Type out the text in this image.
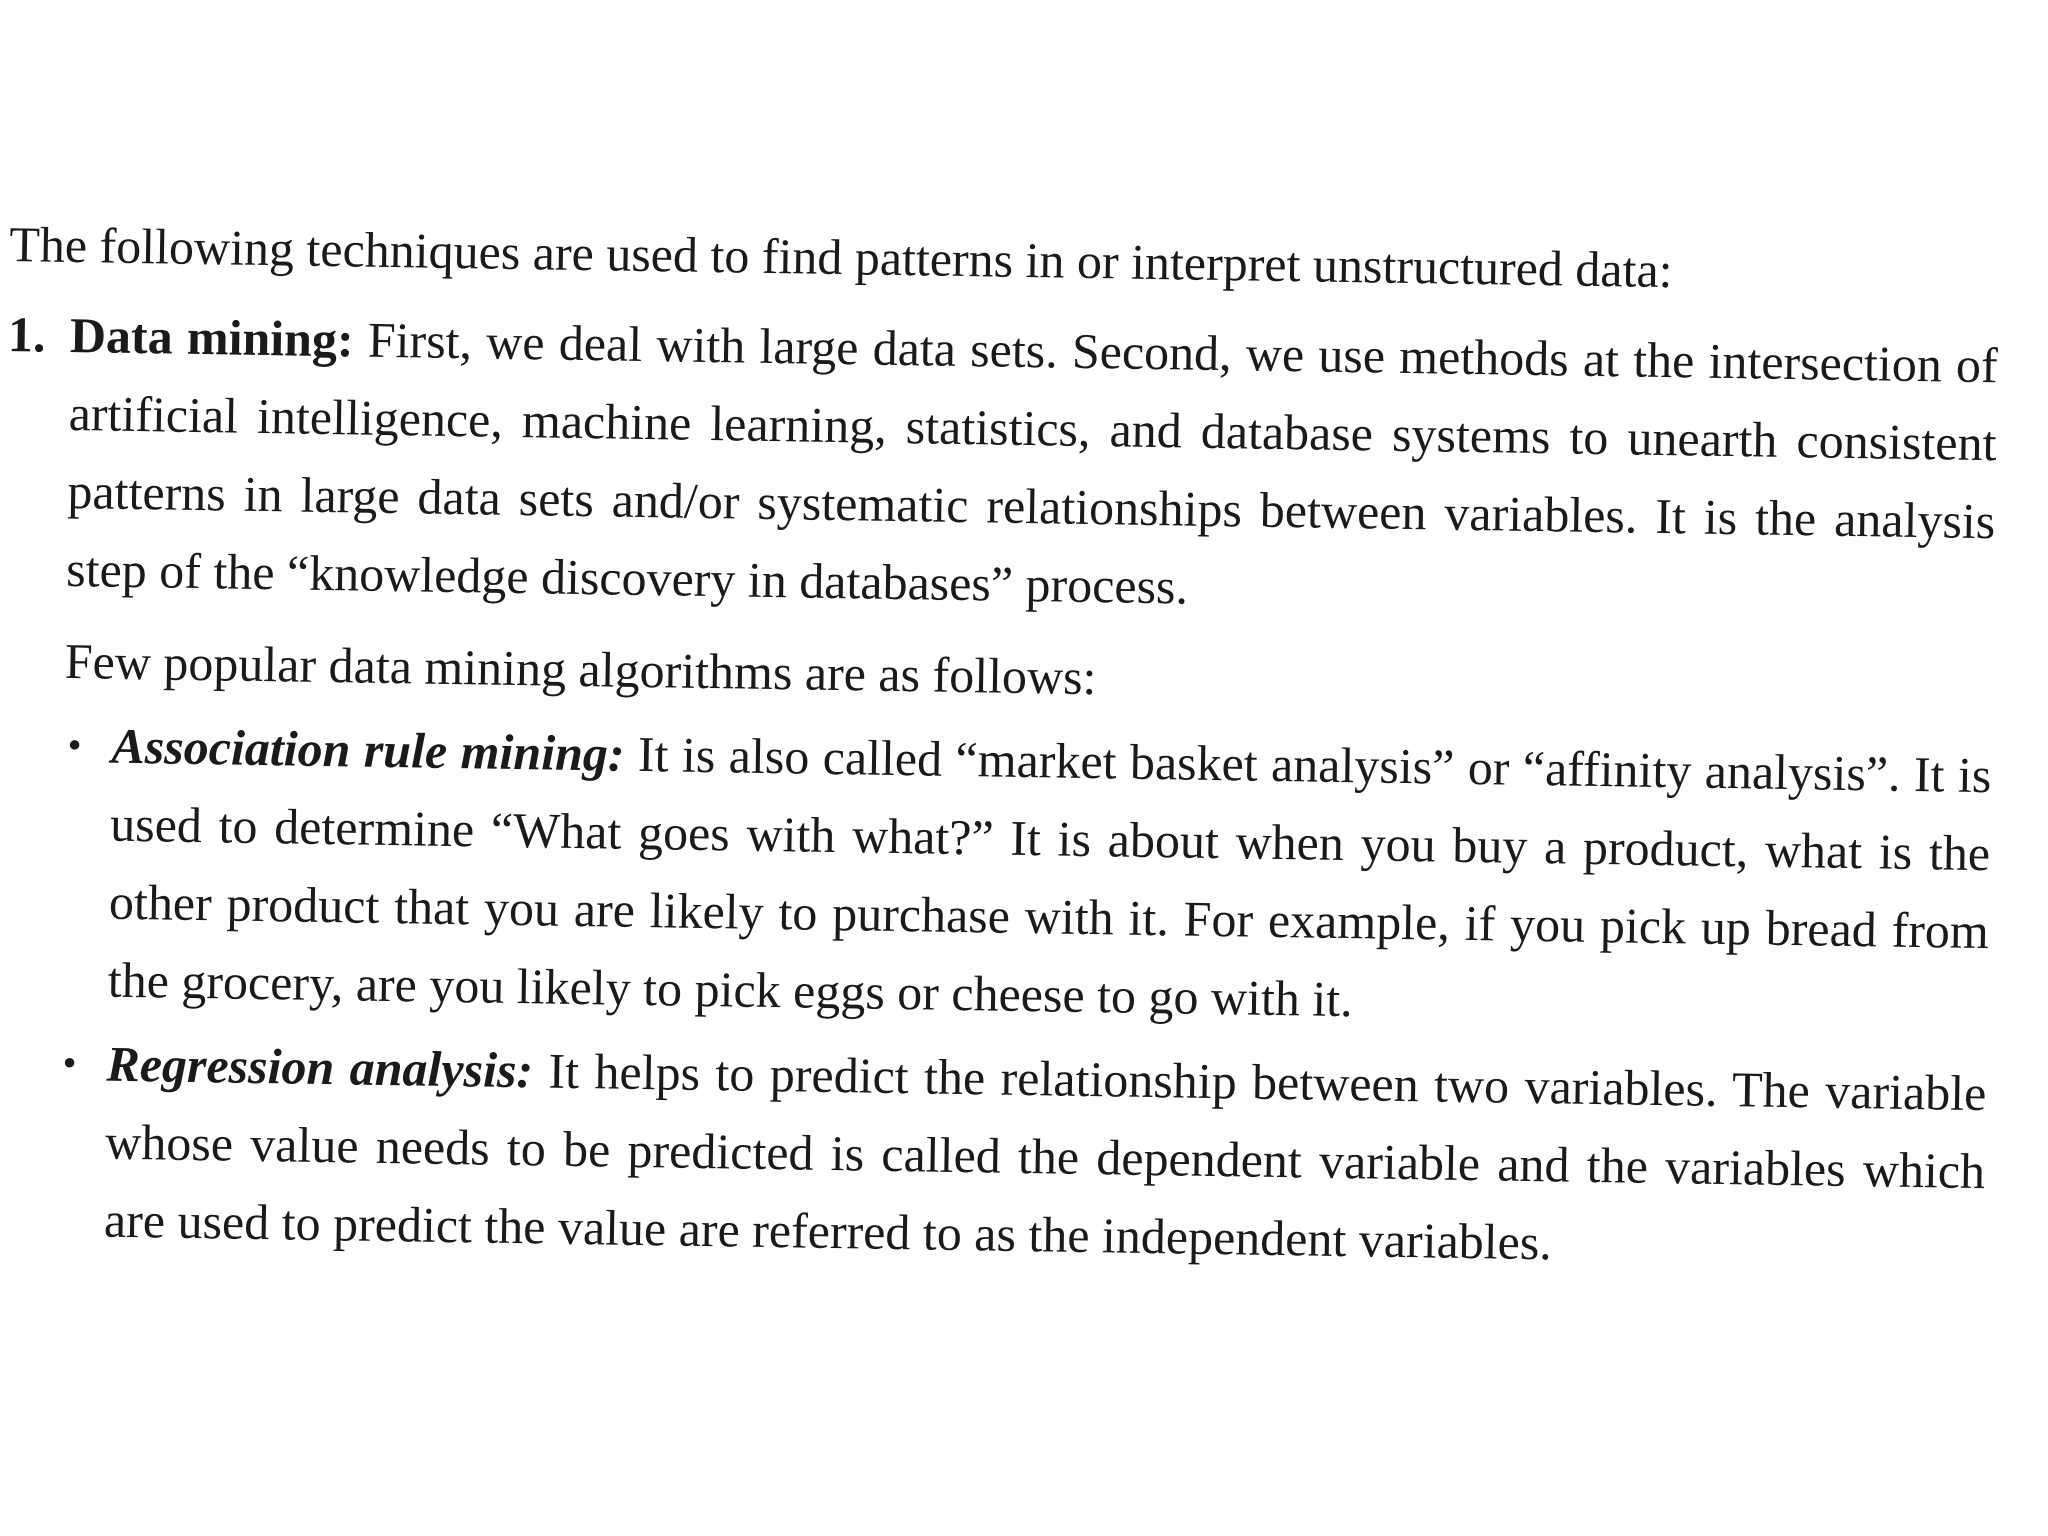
The following techniques are used to find patterns in or interpret unstructured data:

1. Data mining: First, we deal with large data sets. Second, we use methods at the intersection of artificial intelligence, machine learning, statistics, and database systems to unearth consistent patterns in large data sets and/or systematic relationships between variables. It is the analysis step of the “knowledge discovery in databases” process.

Few popular data mining algorithms are as follows:

• Association rule mining: It is also called “market basket analysis” or “affinity analysis”. It is used to determine “What goes with what?” It is about when you buy a product, what is the other product that you are likely to purchase with it. For example, if you pick up bread from the grocery, are you likely to pick eggs or cheese to go with it.

• Regression analysis: It helps to predict the relationship between two variables. The variable whose value needs to be predicted is called the dependent variable and the variables which are used to predict the value are referred to as the independent variables.
